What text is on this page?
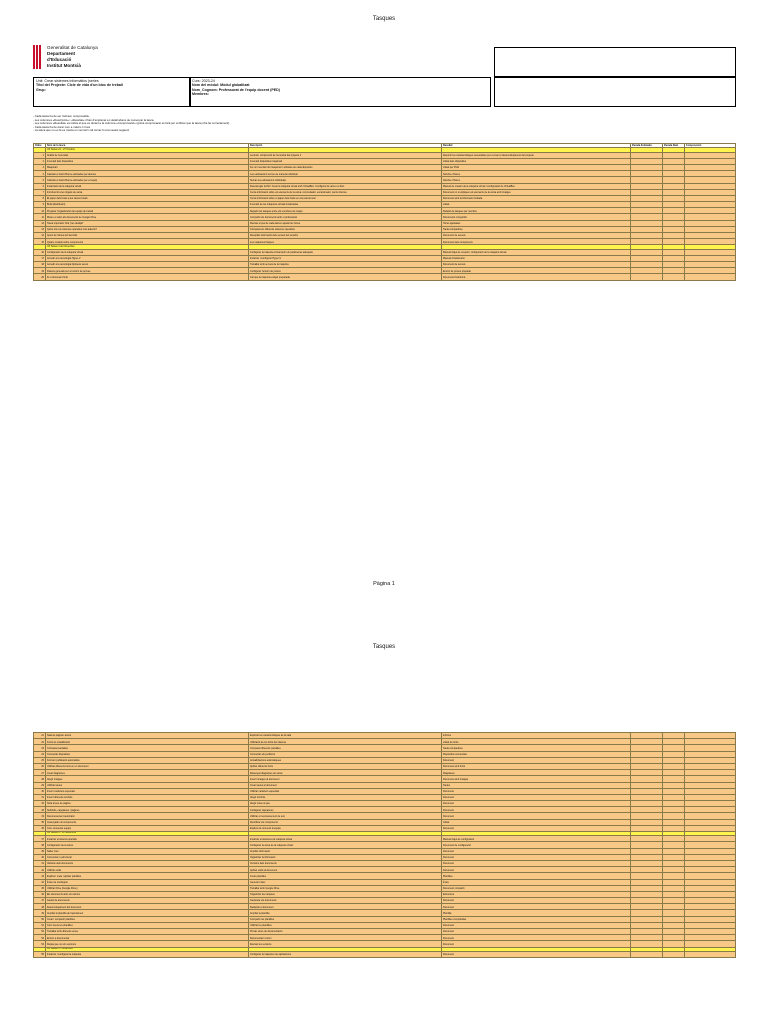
Tasques
Generalitat de Catalunya
Departament
d'Educació
Institut Montsià
Unit: Crear sistemes informàtics (series
Títol del Projecte: Cicle de vida d'un bloc de treball
Grup:
Curs: 2023-24
Nom del mòdul: Mòdul globalitzat
Nom_Cognom: Professorat de l'equip docent (PED)
Membres:
- Cada tasca ha de ser inclosa i comprovable.
- Les columnes «Descripció» i «Resultat» s'han d'emplenar en detall abans de començar la tasca.
- Les columnes «Resultat» es indica el que es durant a la columna «Comprovació» (quina comprovació es farà per verificar que la tasca s'ha fet correctament)
- Cada tasca ha de durar com a màxim 1 hora
- La tasca que no es fa es marca en vermell i cal tornar-hi a la sessió següent
Ordre	Nom de la tasca	Descripció	Resultat	Durada Estimada	Durada Real	Comprovació
	UF Sèries 21 - 27 Octubre					
1	Anàlisi de l'enunciat	Lectura i comprensió de l'enunciat del projecte 1	Resumir les característiques necessàries per a crear el desenvolupament del projecte			
2	Inventari dels dispositius	Inventari dispositius maquinari	Llistat dels dispositius			
3	Maquinari	Fer un inventari del maquinari i software de cada dispositiu	Llistat per PCE			
4	Calcular el total d'hores estimades per alumne	Les estimacions les feu de manera individual	Nombre d'hores			
5	Calcular el total d'hores estimades per a l'equip	Sumar les estimacions individuals	Nombre d'hores			
6	Instal·lació de la màquina virtual	Descarregar la ISO. Crear la màquina virtual amb VirtualBox. Configurar la xarxa i el disc.	Manual de creació de la màquina virtual i configuració de VirtualBox			
7	Introducció a les òrgans de xarxa	Cerca informació sobre els elements de la xarxa: commutador, encaminador, punts d'accés.	Document on s'expliquen els elements de la xarxa amb imatges			
8	El paper dels hosts a les xarxes locals	Cerca informació sobre el paper dels hosts en una xarxa local	Document amb la informació trobada			
9	Build (distribució)	Inventari de les màquines virtuals instal·lades	Llistat			
10	Preparar l'organització del equips de treball	Repartir les tasques entre els membres de l'equip	Relació de tasques per membre			
11	Moure el valor als documents de Google Drive	Compartir els documents amb el professorat	Documents compartits			
12	Tasca important: Fila "pes desitjat"	Revisar el pes de cada tasca i ajustar les hores	Hores ajustades			
13	Quins són els sistemes operatius més adients?	Comparar els diferents sistemes operatius	Taula comparativa			
14	Apunt de Sèries del Servidor	Recopilar informació dels serveis del servidor	Document de serveis			
15	Quatre models sobre components	Les màquines físiques	Document dels components			
	UF Sèries 3 de Novembre					
16	Configuració de la màquina virtual	Configurar la màquina virtual amb els paràmetres adequats	Manual d'ajut de creació i configuració de la màquina virtual			
17	Accedir a la tecnologia Hyper-V	Instal·lar i configurar Hyper-V	Manual d'instal·lació			
18	Accedir a la tecnologia hipòtesis servei	Treballar amb serveis de la màquina	Document de serveis			
19	Passos generals per a l'entorn de proves	Configurar l'entorn de proves	Entorn de proves preparat			
20	Fi el document final	Cal que la màquina estigui preparada	Document final lliurat			
Pàgina 1
Tasques
21	Sala de pàgina i accés	Explorar les característiques de la sala	Informe			
22	Fonts de visualització	Utilització de les fonts del sistema	Llistat de fonts			
23	Comparar pantalles	Comparar diferents pantalles	Taula comparativa			
24	Connectar dispositius	Connectar els perifèrics	Dispositius connectats			
25	Format i publicació automàtica	Actualitzacions automàtiques	Document			
26	Utilitzar diferents fonts en un document	Aplicar diferents fonts	Document amb fonts			
27	Crear diagrames	Dissenyar diagrames de xarxa	Diagrames			
28	Afegir imatges	Inserir imatges al document	Document amb imatges			
29	Utilitzar taules	Crear taules al document	Taules			
30	Inserir caràcters especials	Utilitzar caràcters especials	Document			
31	Inserir diferents símbols	Afegir símbols	Document			
32	Nota al peu de pàgina	Afegir notes al peu	Document			
33	Subtítols, capçaleres i pàgines	Configurar capçaleres	Document			
34	Reconeixement automàtic	Utilitzar el reconeixement de text	Document			
35	Assenyalar els components	Identificar els components	Llistat			
36	Com connectar equips	Explicar la connexió d'equips	Document			
	UF Sèries 9 - 10 Novembre					
37	Instal·lar el sistema operatiu	Instal·lar el sistema a la màquina virtual	Manual d'ajut de configuració			
38	Configuració de la xarxa	Configurar la xarxa de la màquina virtual	Document de configuració			
39	Saber més	Ampliar informació	Document			
40	Comunicar i estructurar	Organitzar la informació	Document			
41	Variants dels documents	Versions dels documents	Document			
42	Utilitzar estils	Aplicar estils al document	Document			
43	Explicar: crear i aplicar plantilles	Crear plantilles	Plantilles			
44	Índex de continguts	Generar índex	Índex			
45	Utilitzar Drive (Google Drive)	Treballar amb Google Drive	Document compartit			
46	Els documents amb els camins	Organitzar les carpetes	Estructura			
47	Gestió de documents	Gestionar els documents	Document			
48	Desenvolupament del document	Redactar el document	Document			
49	Ampliar la plantilla de l'ajuntament	Ampliar la plantilla	Plantilla			
50	Crear i compartir plantilles	Compartir les plantilles	Plantilles compartides			
51	Com treure les plantilles	Utilitzar les plantilles	Document			
52	Treballar amb diferents eines	Provar eines de documentació	Document			
53	Entorn a documentar	Documentar l'entorn	Document			
54	Repàs que no són versions	Revisar les versions	Document			
	UF Sèries 17 Novembre					
55	Instal·lar i configurar la màquina	Configurar la màquina i les aplicacions	Document			
